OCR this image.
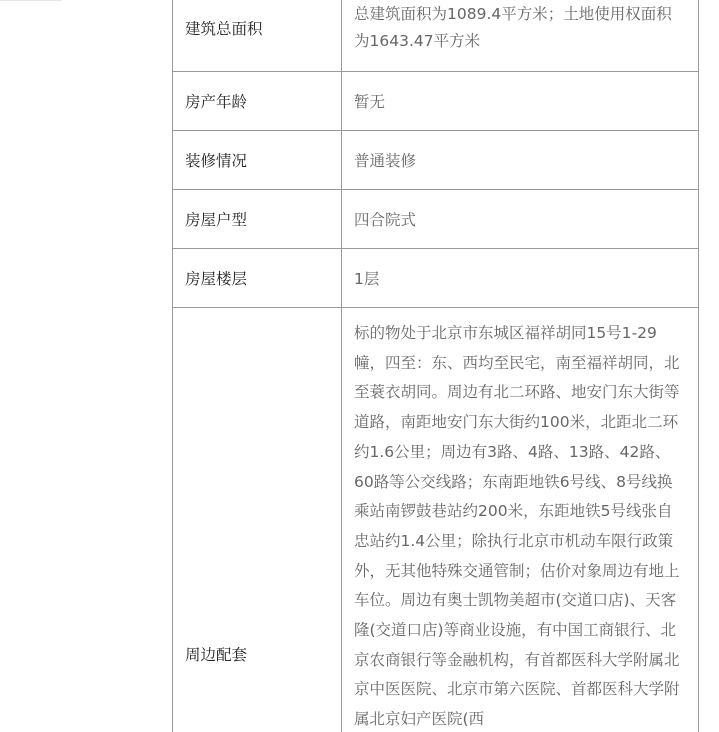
建筑总面积	总建筑面积为1089.4平方米；土地使用权面积为1643.47平方米
房产年龄	暂无
装修情况	普通装修
房屋户型	四合院式
房屋楼层	1层
周边配套	标的物处于北京市东城区福祥胡同15号1-29幢，四至：东、西均至民宅，南至福祥胡同，北至蓑衣胡同。周边有北二环路、地安门东大街等道路，南距地安门东大街约100米，北距北二环约1.6公里；周边有3路、4路、13路、42路、60路等公交线路；东南距地铁6号线、8号线换乘站南锣鼓巷站约200米，东距地铁5号线张自忠站约1.4公里；除执行北京市机动车限行政策外，无其他特殊交通管制；估价对象周边有地上车位。周边有奥士凯物美超市(交道口店)、天客隆(交道口店)等商业设施，有中国工商银行、北京农商银行等金融机构，有首都医科大学附属北京中医医院、北京市第六医院、首都医科大学附属北京妇产医院(西
